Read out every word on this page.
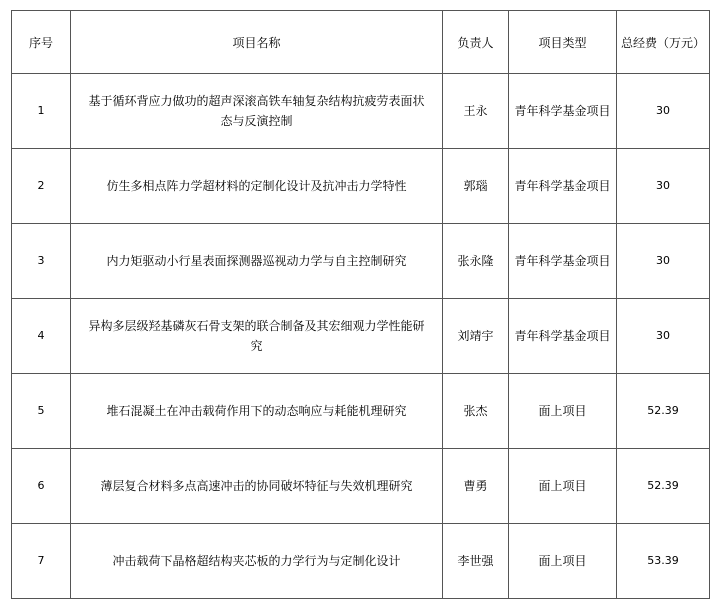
序号	项目名称	负责人	项目类型	总经费（万元）
1	基于循环背应力做功的超声深滚高铁车轴复杂结构抗疲劳表面状态与反演控制	王永	青年科学基金项目	30
2	仿生多相点阵力学超材料的定制化设计及抗冲击力学特性	郭瑙	青年科学基金项目	30
3	内力矩驱动小行星表面探测器巡视动力学与自主控制研究	张永隆	青年科学基金项目	30
4	异构多层级羟基磷灰石骨支架的联合制备及其宏细观力学性能研究	刘靖宇	青年科学基金项目	30
5	堆石混凝土在冲击载荷作用下的动态响应与耗能机理研究	张杰	面上项目	52.39
6	薄层复合材料多点高速冲击的协同破坏特征与失效机理研究	曹勇	面上项目	52.39
7	冲击载荷下晶格超结构夹芯板的力学行为与定制化设计	李世强	面上项目	53.39
